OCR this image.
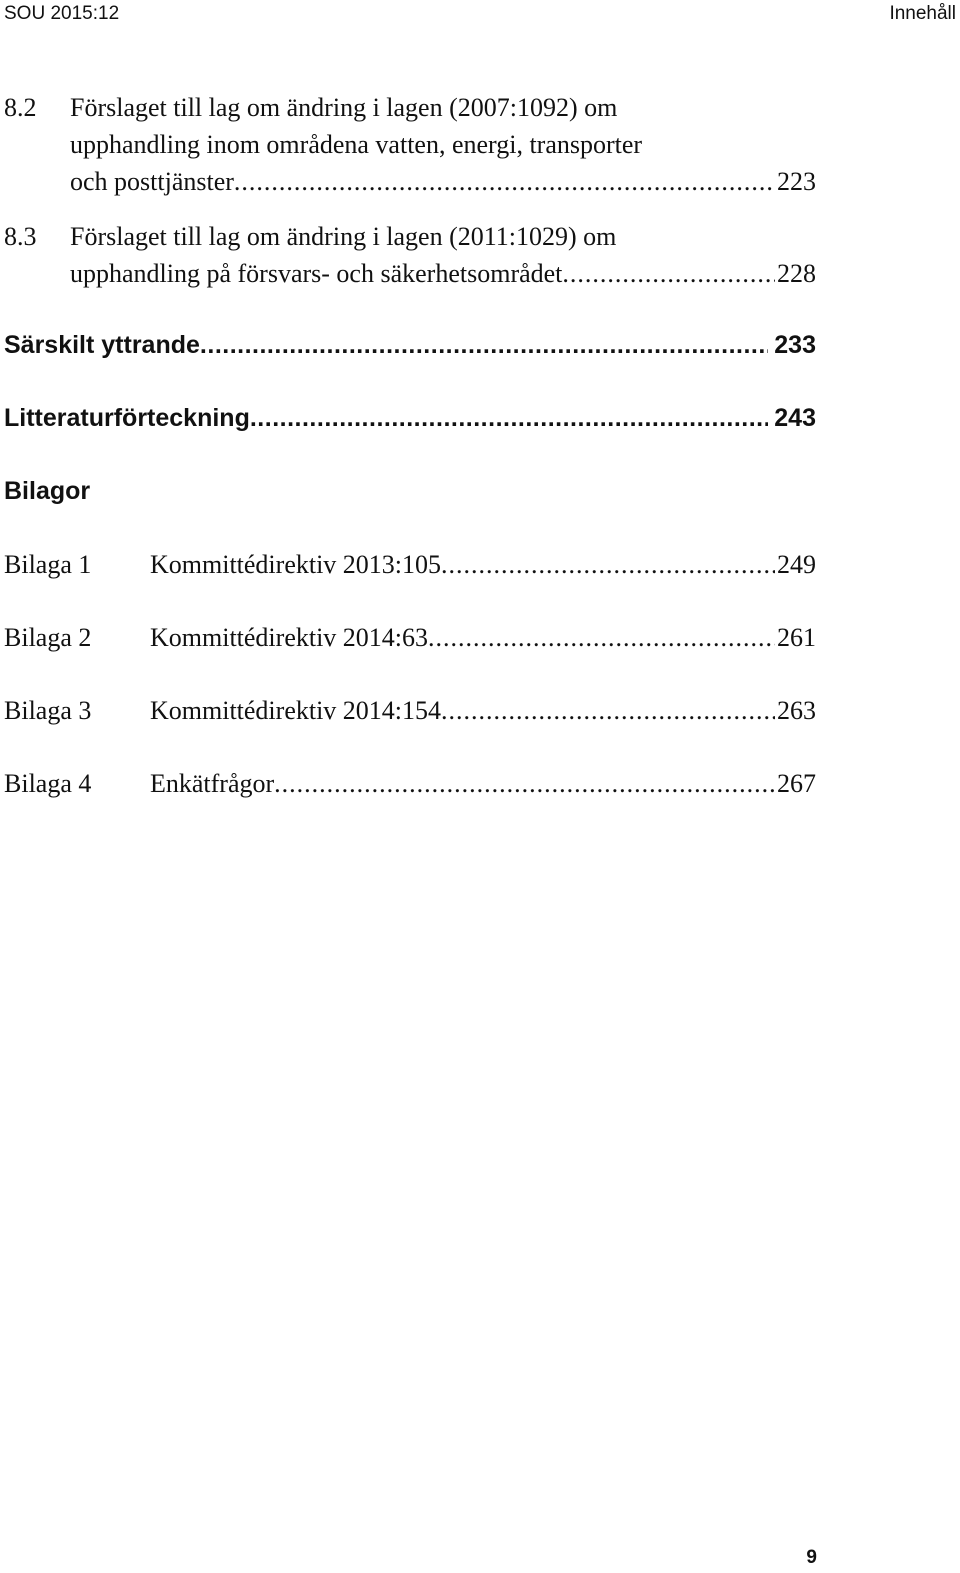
SOU 2015:12	Innehåll
8.2 Förslaget till lag om ändring i lagen (2007:1092) om
upphandling inom områdena vatten, energi, transporter
och posttjänster .....	223
8.3 Förslaget till lag om ändring i lagen (2011:1029) om
upphandling på försvars- och säkerhetsområdet .....	228
Särskilt yttrande .....	233
Litteraturförteckning .....	243
Bilagor
Bilaga 1 Kommittédirektiv 2013:105 .....	249
Bilaga 2 Kommittédirektiv 2014:63 .....	261
Bilaga 3 Kommittédirektiv 2014:154 .....	263
Bilaga 4 Enkätfrågor .....	267
9
